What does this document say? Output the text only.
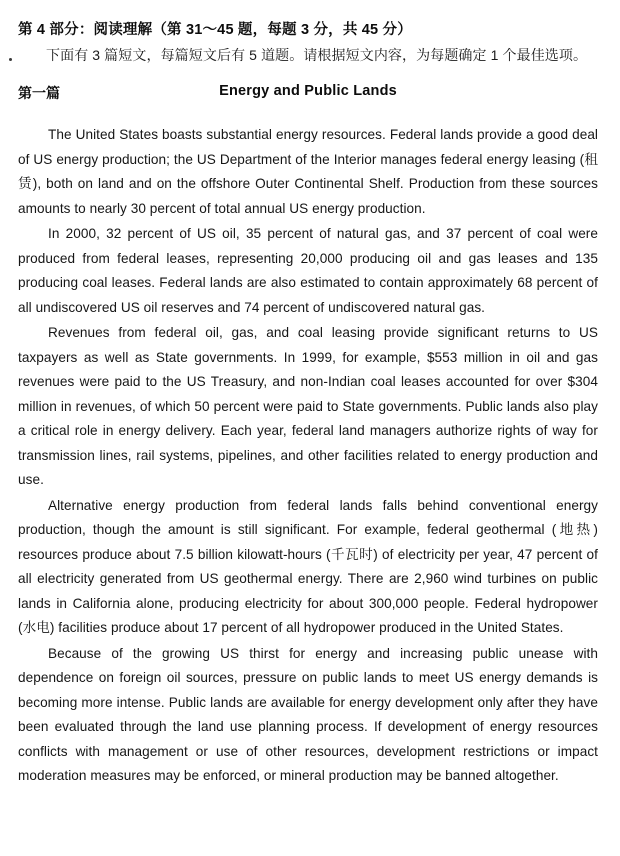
第 4 部分：阅读理解（第 31～45 题，每题 3 分，共 45 分）

下面有 3 篇短文，每篇短文后有 5 道题。请根据短文内容，为每题确定 1 个最佳选项。

第一篇	Energy and Public Lands

The United States boasts substantial energy resources. Federal lands provide a good deal of US energy production; the US Department of the Interior manages federal energy leasing (租赁), both on land and on the offshore Outer Continental Shelf. Production from these sources amounts to nearly 30 percent of total annual US energy production.

In 2000, 32 percent of US oil, 35 percent of natural gas, and 37 percent of coal were produced from federal leases, representing 20,000 producing oil and gas leases and 135 producing coal leases. Federal lands are also estimated to contain approximately 68 percent of all undiscovered US oil reserves and 74 percent of undiscovered natural gas.

Revenues from federal oil, gas, and coal leasing provide significant returns to US taxpayers as well as State governments. In 1999, for example, $553 million in oil and gas revenues were paid to the US Treasury, and non-Indian coal leases accounted for over $304 million in revenues, of which 50 percent were paid to State governments. Public lands also play a critical role in energy delivery. Each year, federal land managers authorize rights of way for transmission lines, rail systems, pipelines, and other facilities related to energy production and use.

Alternative energy production from federal lands falls behind conventional energy production, though the amount is still significant. For example, federal geothermal (地热) resources produce about 7.5 billion kilowatt-hours (千瓦时) of electricity per year, 47 percent of all electricity generated from US geothermal energy. There are 2,960 wind turbines on public lands in California alone, producing electricity for about 300,000 people. Federal hydropower (水电) facilities produce about 17 percent of all hydropower produced in the United States.

Because of the growing US thirst for energy and increasing public unease with dependence on foreign oil sources, pressure on public lands to meet US energy demands is becoming more intense. Public lands are available for energy development only after they have been evaluated through the land use planning process. If development of energy resources conflicts with management or use of other resources, development restrictions or impact moderation measures may be enforced, or mineral production may be banned altogether.
